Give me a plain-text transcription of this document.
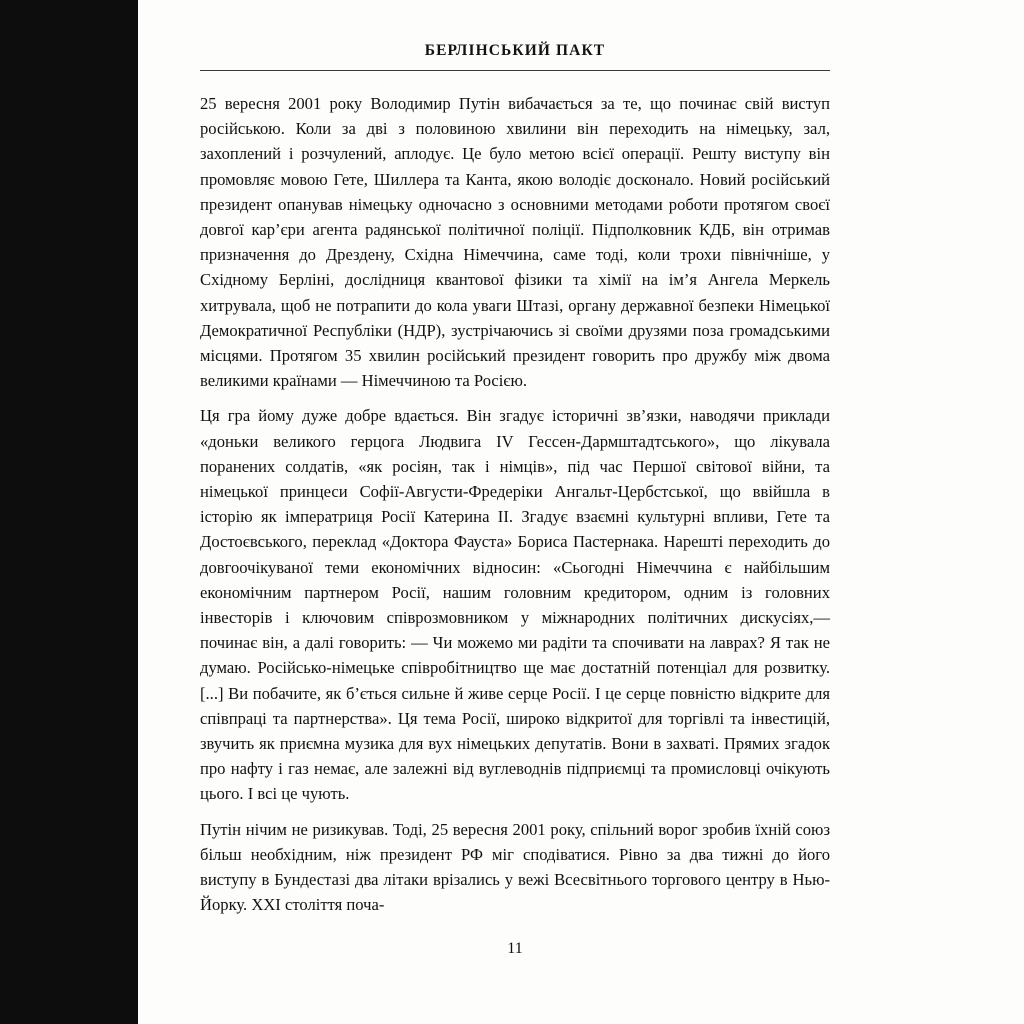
БЕРЛІНСЬКИЙ ПАКТ

25 вересня 2001 року Володимир Путін вибачається за те, що починає свій виступ російською. Коли за дві з половиною хвилини він переходить на німецьку, зал, захоплений і розчулений, аплодує. Це було метою всієї операції. Решту виступу він промовляє мовою Гете, Шиллера та Канта, якою володіє досконало. Новий російський президент опанував німецьку одночасно з основними методами роботи протягом своєї довгої кар’єри агента радянської політичної поліції. Підполковник КДБ, він отримав призначення до Дрездену, Східна Німеччина, саме тоді, коли трохи північніше, у Східному Берліні, дослідниця квантової фізики та хімії на ім’я Ангела Меркель хитрувала, щоб не потрапити до кола уваги Штазі, органу державної безпеки Німецької Демократичної Республіки (НДР), зустрічаючись зі своїми друзями поза громадськими місцями. Протягом 35 хвилин російський президент говорить про дружбу між двома великими країнами — Німеччиною та Росією.

Ця гра йому дуже добре вдається. Він згадує історичні зв’язки, наводячи приклади «доньки великого герцога Людвига IV Гессен-Дармштадтського», що лікувала поранених солдатів, «як росіян, так і німців», під час Першої світової війни, та німецької принцеси Софії-Августи-Фредеріки Ангальт-Цербстської, що ввійшла в історію як імператриця Росії Катерина II. Згадує взаємні культурні впливи, Гете та Достоєвського, переклад «Доктора Фауста» Бориса Пастернака. Нарешті переходить до довгоочікуваної теми економічних відносин: «Сьогодні Німеччина є найбільшим економічним партнером Росії, нашим головним кредитором, одним із головних інвесторів і ключовим співрозмовником у міжнародних політичних дискусіях,— починає він, а далі говорить: — Чи можемо ми радіти та спочивати на лаврах? Я так не думаю. Російсько-німецьке співробітництво ще має достатній потенціал для розвитку. [...] Ви побачите, як б’ється сильне й живе серце Росії. І це серце повністю відкрите для співпраці та партнерства». Ця тема Росії, широко відкритої для торгівлі та інвестицій, звучить як приємна музика для вух німецьких депутатів. Вони в захваті. Прямих згадок про нафту і газ немає, але залежні від вуглеводнів підприємці та промисловці очікують цього. І всі це чують.

Путін нічим не ризикував. Тоді, 25 вересня 2001 року, спільний ворог зробив їхній союз більш необхідним, ніж президент РФ міг сподіватися. Рівно за два тижні до його виступу в Бундестазі два літаки врізались у вежі Всесвітнього торгового центру в Нью-Йорку. XXI століття поча-

11
